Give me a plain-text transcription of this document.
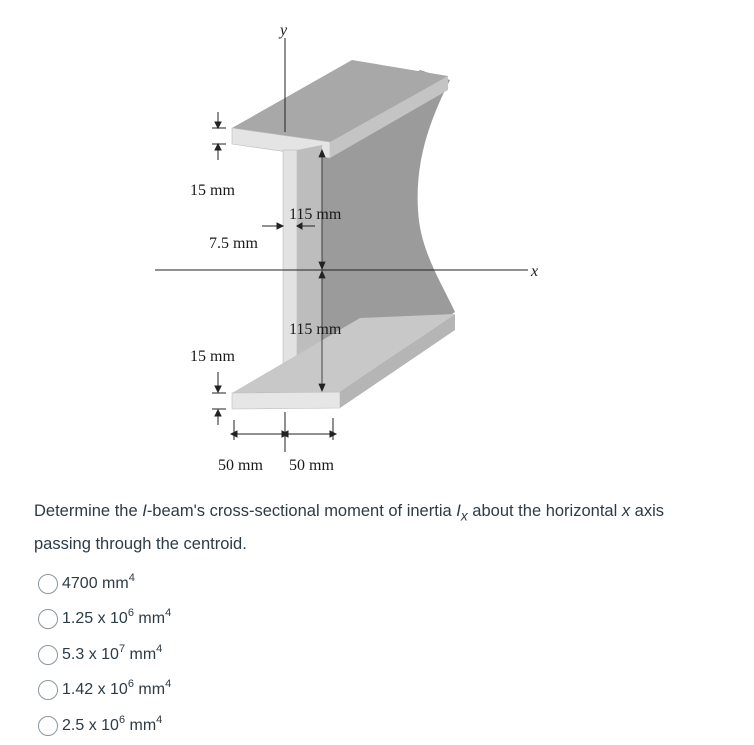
y
x
15 mm
7.5 mm
115 mm
115 mm
15 mm
50 mm 50 mm
Determine the I-beam's cross-sectional moment of inertia $I_x$ about the horizontal x axis passing through the centroid.
4700 $mm^4$
1.25 x $10^6$ $mm^4$
5.3 x $10^7$ $mm^4$
1.42 x $10^6$ $mm^4$
2.5 x $10^6$ $mm^4$
